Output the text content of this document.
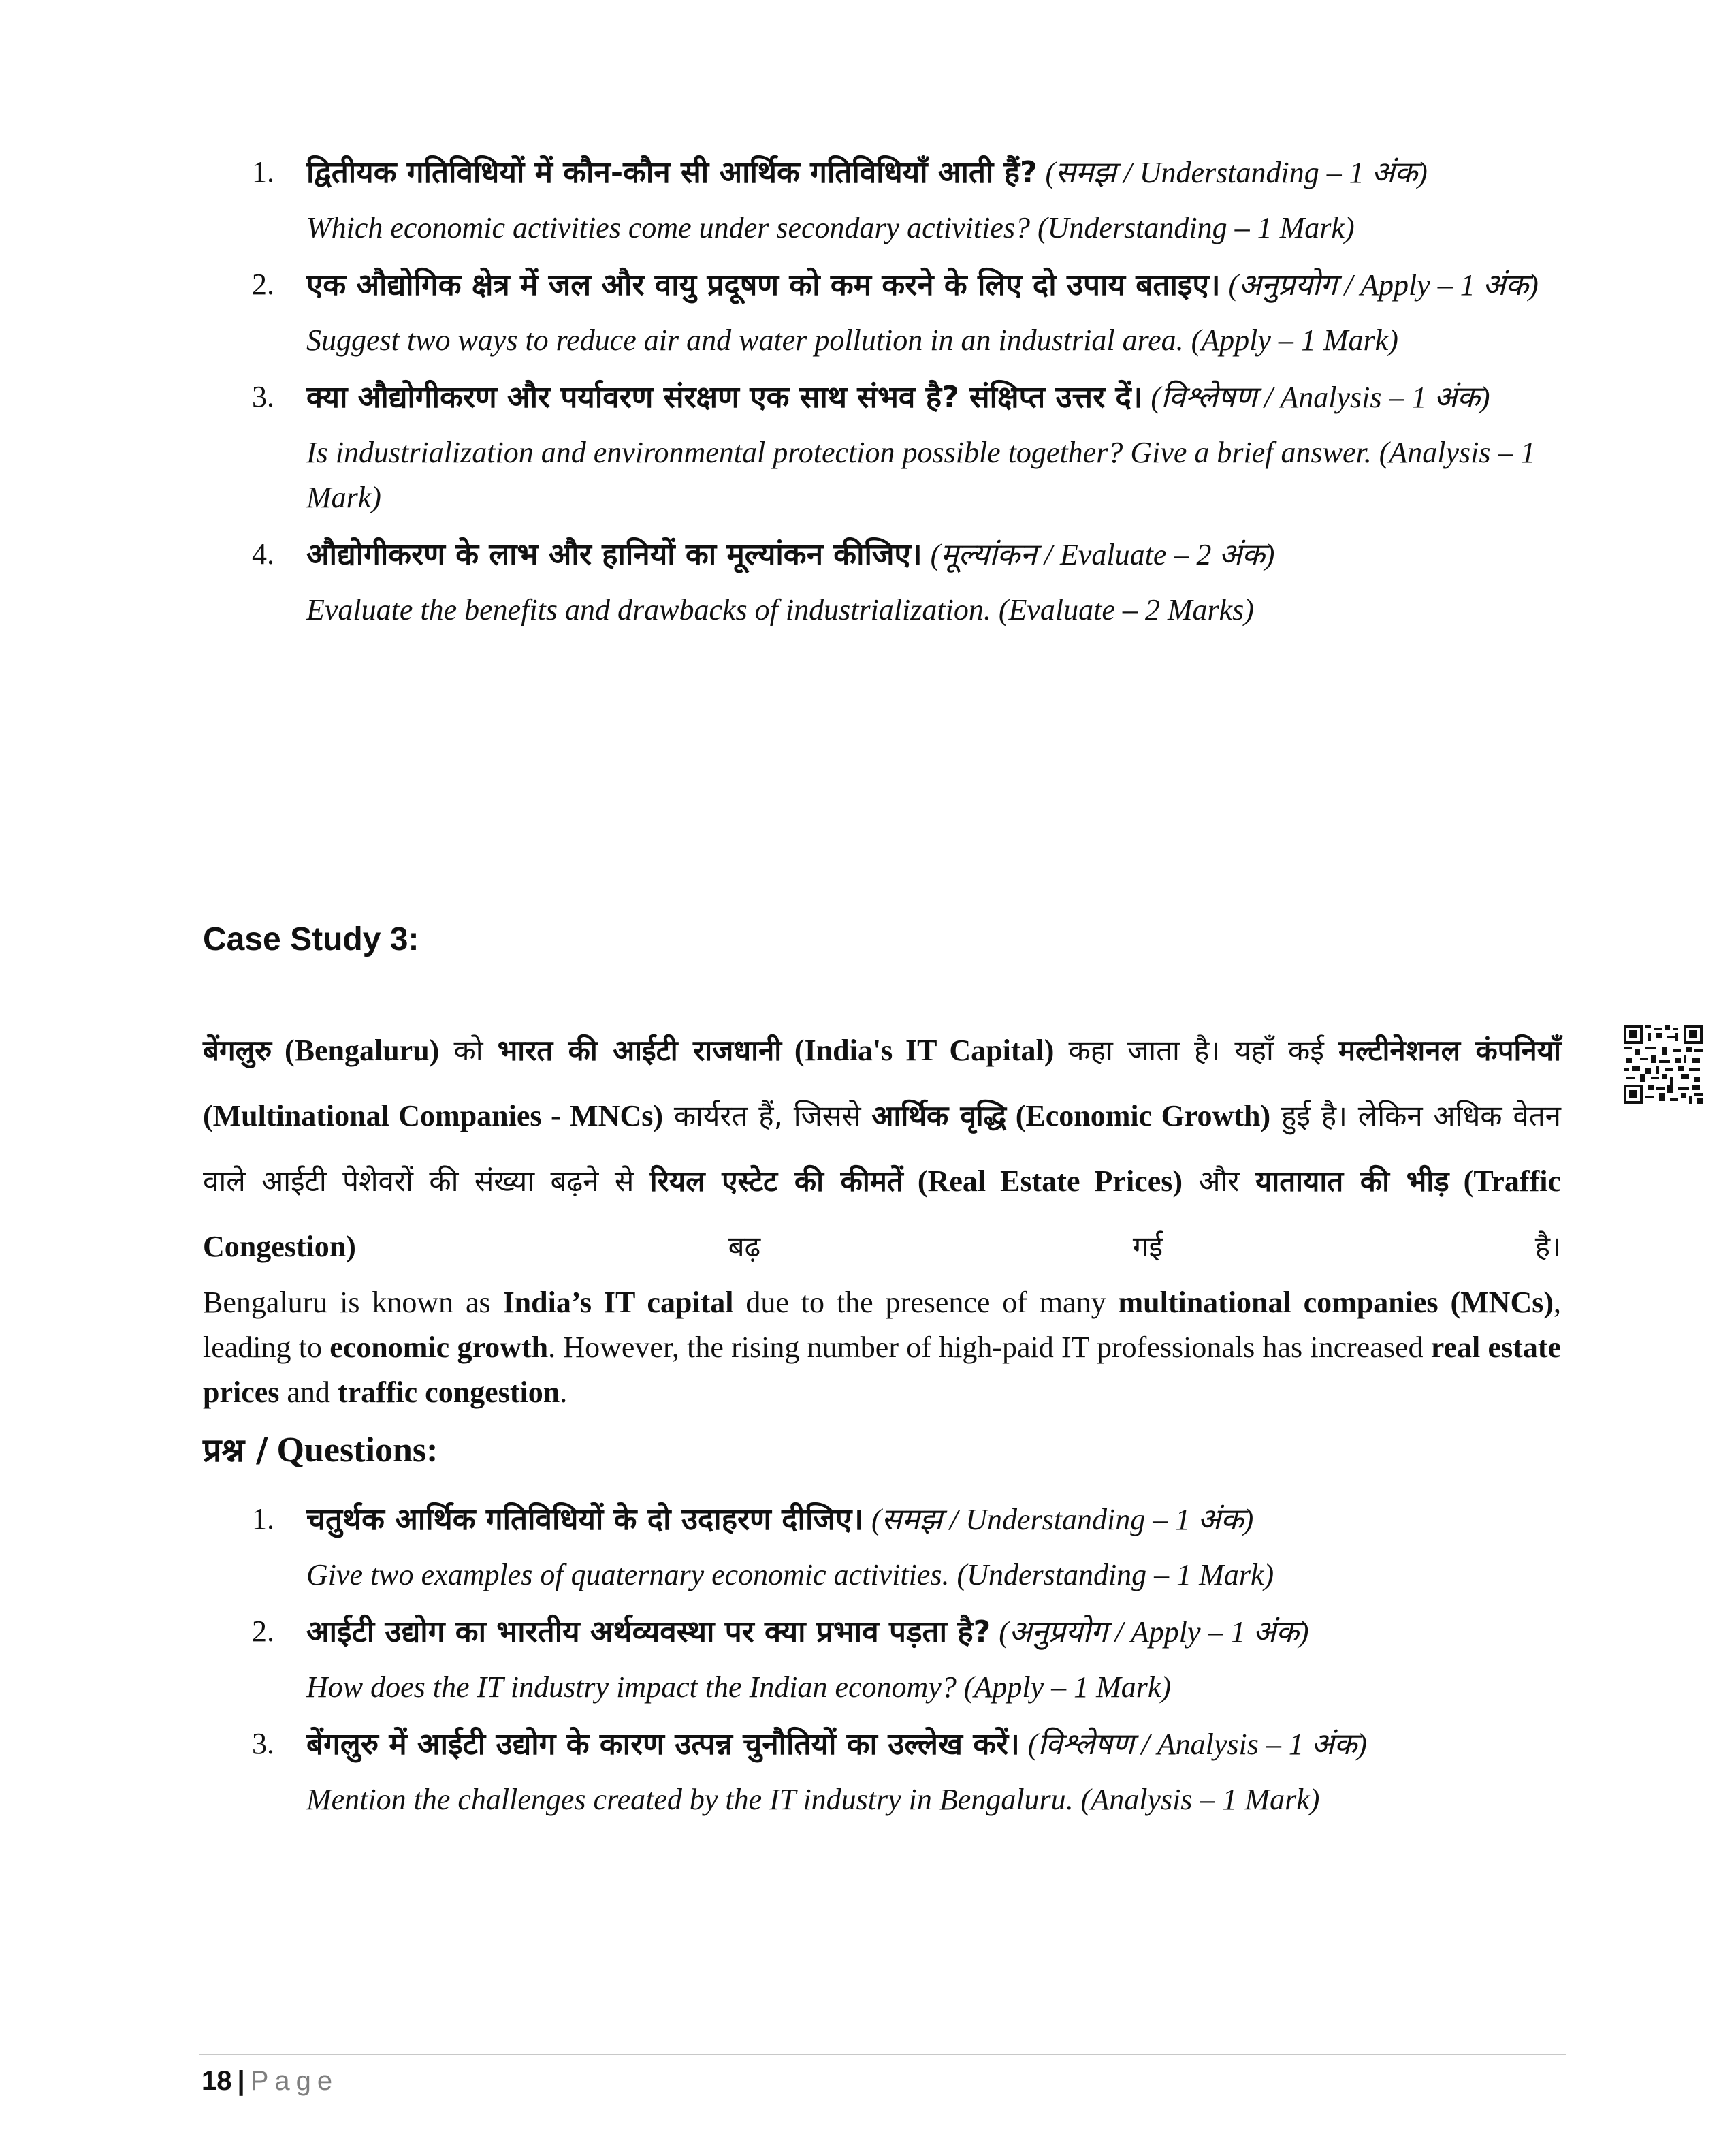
1. द्वितीयक गतिविधियों में कौन-कौन सी आर्थिक गतिविधियाँ आती हैं? (समझ / Understanding – 1 अंक)
Which economic activities come under secondary activities? (Understanding – 1 Mark)
2. एक औद्योगिक क्षेत्र में जल और वायु प्रदूषण को कम करने के लिए दो उपाय बताइए। (अनुप्रयोग / Apply – 1 अंक)
Suggest two ways to reduce air and water pollution in an industrial area. (Apply – 1 Mark)
3. क्या औद्योगीकरण और पर्यावरण संरक्षण एक साथ संभव है? संक्षिप्त उत्तर दें। (विश्लेषण / Analysis – 1 अंक)
Is industrialization and environmental protection possible together? Give a brief answer. (Analysis – 1 Mark)
4. औद्योगीकरण के लाभ और हानियों का मूल्यांकन कीजिए। (मूल्यांकन / Evaluate – 2 अंक)
Evaluate the benefits and drawbacks of industrialization. (Evaluate – 2 Marks)
Case Study 3:
बेंगलुरु (Bengaluru) को भारत की आईटी राजधानी (India's IT Capital) कहा जाता है। यहाँ कई मल्टीनेशनल कंपनियाँ (Multinational Companies - MNCs) कार्यरत हैं, जिससे आर्थिक वृद्धि (Economic Growth) हुई है। लेकिन अधिक वेतन वाले आईटी पेशेवरों की संख्या बढ़ने से रियल एस्टेट की कीमतें (Real Estate Prices) और यातायात की भीड़ (Traffic Congestion) बढ़ गई है।
Bengaluru is known as India’s IT capital due to the presence of many multinational companies (MNCs), leading to economic growth. However, the rising number of high-paid IT professionals has increased real estate prices and traffic congestion.
प्रश्न / Questions:
1. चतुर्थक आर्थिक गतिविधियों के दो उदाहरण दीजिए। (समझ / Understanding – 1 अंक)
Give two examples of quaternary economic activities. (Understanding – 1 Mark)
2. आईटी उद्योग का भारतीय अर्थव्यवस्था पर क्या प्रभाव पड़ता है? (अनुप्रयोग / Apply – 1 अंक)
How does the IT industry impact the Indian economy? (Apply – 1 Mark)
3. बेंगलुरु में आईटी उद्योग के कारण उत्पन्न चुनौतियों का उल्लेख करें। (विश्लेषण / Analysis – 1 अंक)
Mention the challenges created by the IT industry in Bengaluru. (Analysis – 1 Mark)
18 | Page
